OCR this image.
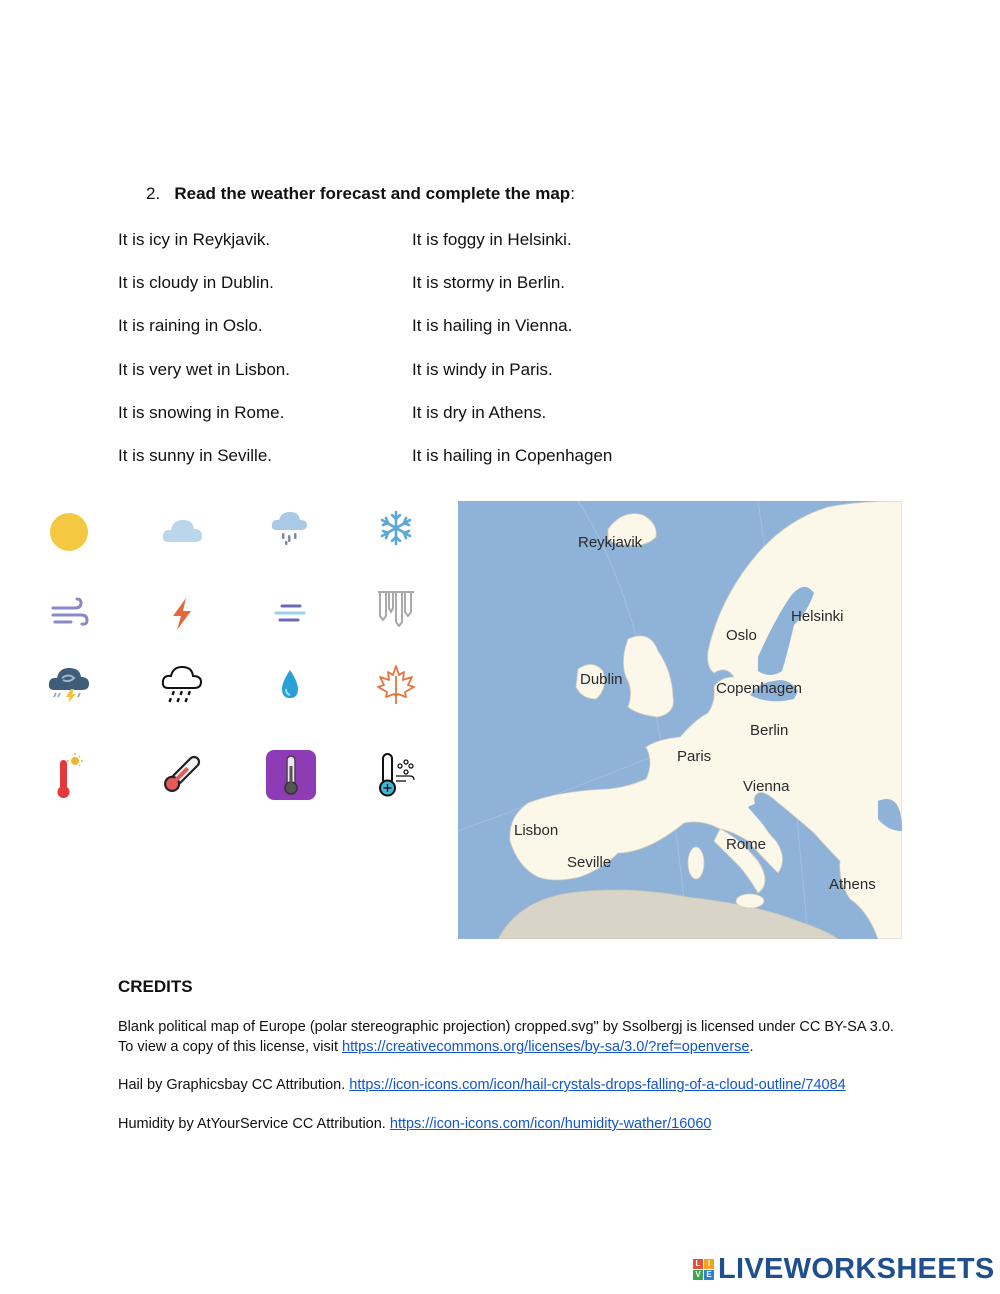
2. Read the weather forecast and complete the map:
It is icy in Reykjavik.
It is cloudy in Dublin.
It is raining in Oslo.
It is very wet in Lisbon.
It is snowing in Rome.
It is sunny in Seville.
It is foggy in Helsinki.
It is stormy in Berlin.
It is hailing in Vienna.
It is windy in Paris.
It is dry in Athens.
It is hailing in Copenhagen
Reykjavik
Helsinki
Oslo
Dublin
Copenhagen
Berlin
Paris
Vienna
Lisbon
Rome
Seville
Athens
CREDITS
Blank political map of Europe (polar stereographic projection) cropped.svg" by Ssolbergj is licensed under CC BY-SA 3.0. To view a copy of this license, visit https://creativecommons.org/licenses/by-sa/3.0/?ref=openverse.
Hail by Graphicsbay CC Attribution. https://icon-icons.com/icon/hail-crystals-drops-falling-of-a-cloud-outline/74084
Humidity by AtYourService CC Attribution. https://icon-icons.com/icon/humidity-wather/16060
L I
V E LIVEWORKSHEETS
